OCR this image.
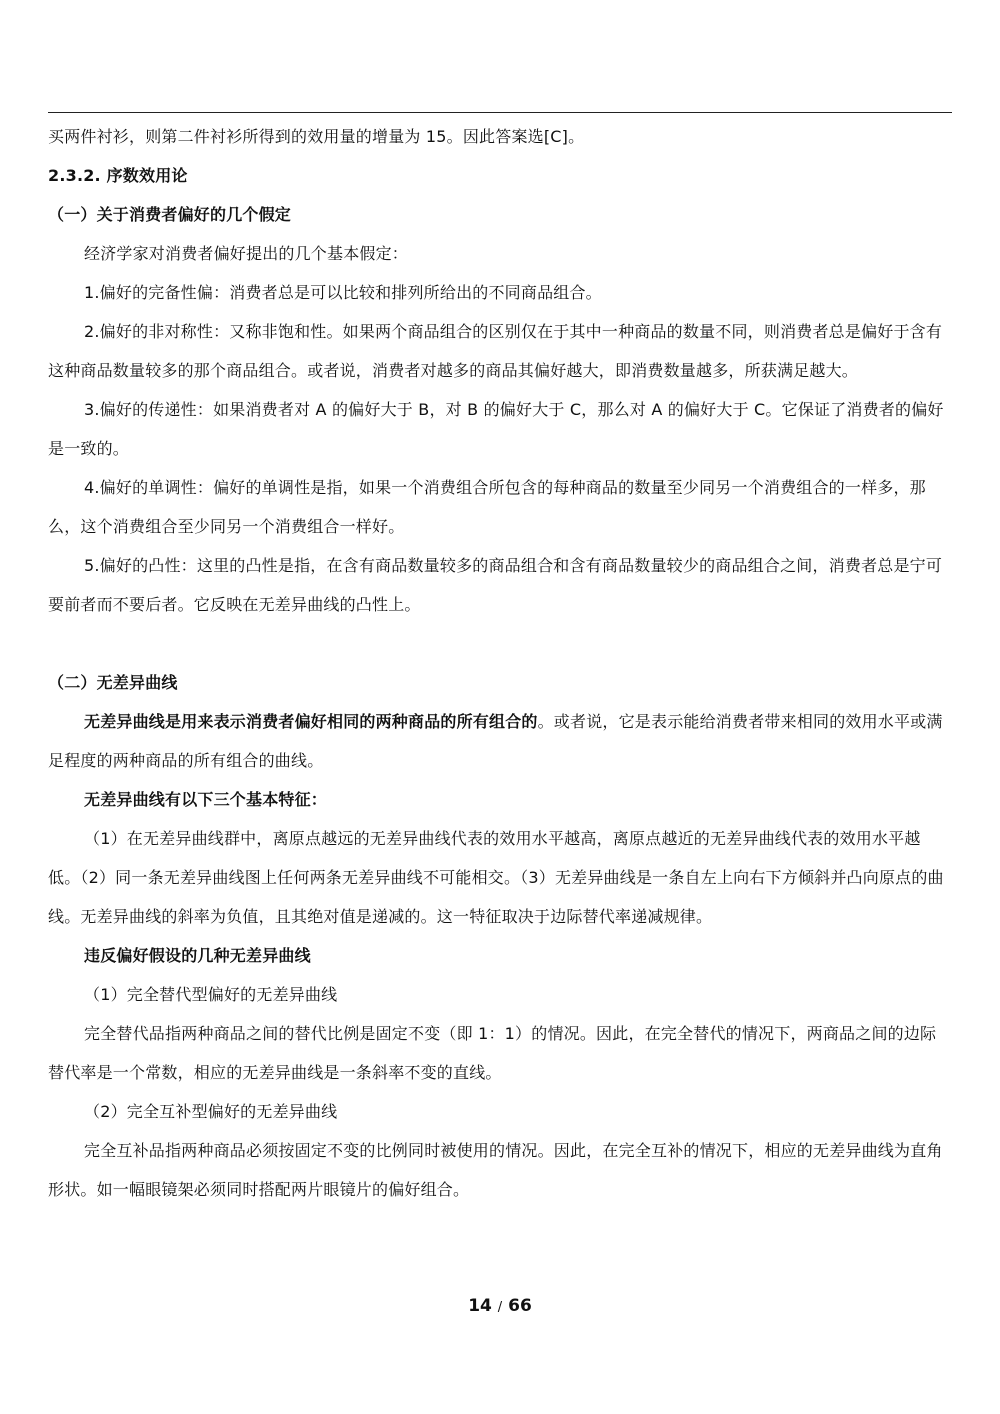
买两件衬衫，则第二件衬衫所得到的效用量的增量为 15。因此答案选[C]。

2.3.2. 序数效用论

（一）关于消费者偏好的几个假定

经济学家对消费者偏好提出的几个基本假定：

1.偏好的完备性偏：消费者总是可以比较和排列所给出的不同商品组合。

2.偏好的非对称性：又称非饱和性。如果两个商品组合的区别仅在于其中一种商品的数量不同，则消费者总是偏好于含有这种商品数量较多的那个商品组合。或者说，消费者对越多的商品其偏好越大，即消费数量越多，所获满足越大。

3.偏好的传递性：如果消费者对 A 的偏好大于 B，对 B 的偏好大于 C，那么对 A 的偏好大于 C。它保证了消费者的偏好是一致的。

4.偏好的单调性：偏好的单调性是指，如果一个消费组合所包含的每种商品的数量至少同另一个消费组合的一样多，那么，这个消费组合至少同另一个消费组合一样好。

5.偏好的凸性：这里的凸性是指，在含有商品数量较多的商品组合和含有商品数量较少的商品组合之间，消费者总是宁可要前者而不要后者。它反映在无差异曲线的凸性上。

（二）无差异曲线

无差异曲线是用来表示消费者偏好相同的两种商品的所有组合的。或者说，它是表示能给消费者带来相同的效用水平或满足程度的两种商品的所有组合的曲线。

无差异曲线有以下三个基本特征：

（1）在无差异曲线群中，离原点越远的无差异曲线代表的效用水平越高，离原点越近的无差异曲线代表的效用水平越低。（2）同一条无差异曲线图上任何两条无差异曲线不可能相交。（3）无差异曲线是一条自左上向右下方倾斜并凸向原点的曲线。无差异曲线的斜率为负值，且其绝对值是递减的。这一特征取决于边际替代率递减规律。

违反偏好假设的几种无差异曲线

（1）完全替代型偏好的无差异曲线

完全替代品指两种商品之间的替代比例是固定不变（即 1：1）的情况。因此，在完全替代的情况下，两商品之间的边际替代率是一个常数，相应的无差异曲线是一条斜率不变的直线。

（2）完全互补型偏好的无差异曲线

完全互补品指两种商品必须按固定不变的比例同时被使用的情况。因此，在完全互补的情况下，相应的无差异曲线为直角形状。如一幅眼镜架必须同时搭配两片眼镜片的偏好组合。

14 / 66
